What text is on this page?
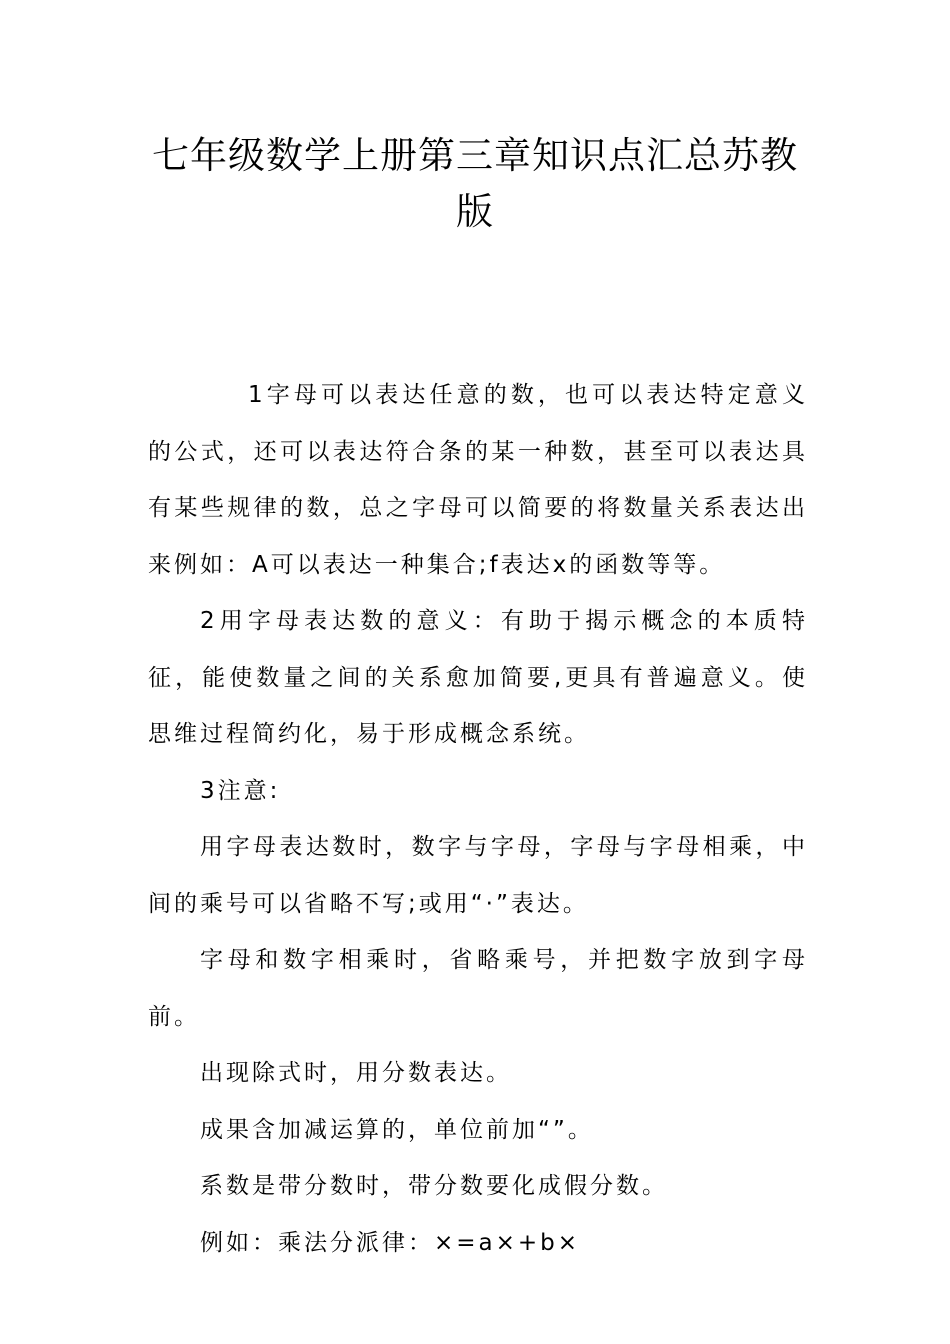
七年级数学上册第三章知识点汇总苏教版

1字母可以表达任意的数，也可以表达特定意义的公式，还可以表达符合条的某一种数，甚至可以表达具有某些规律的数，总之字母可以简要的将数量关系表达出来例如：A可以表达一种集合;f表达x的函数等等。

2用字母表达数的意义：有助于揭示概念的本质特征，能使数量之间的关系愈加简要,更具有普遍意义。使思维过程简约化，易于形成概念系统。

3注意:

用字母表达数时，数字与字母，字母与字母相乘，中间的乘号可以省略不写;或用“·”表达。

字母和数字相乘时，省略乘号，并把数字放到字母前。

出现除式时，用分数表达。

成果含加减运算的，单位前加“”。

系数是带分数时，带分数要化成假分数。

例如：乘法分派律：×=a×+b×
